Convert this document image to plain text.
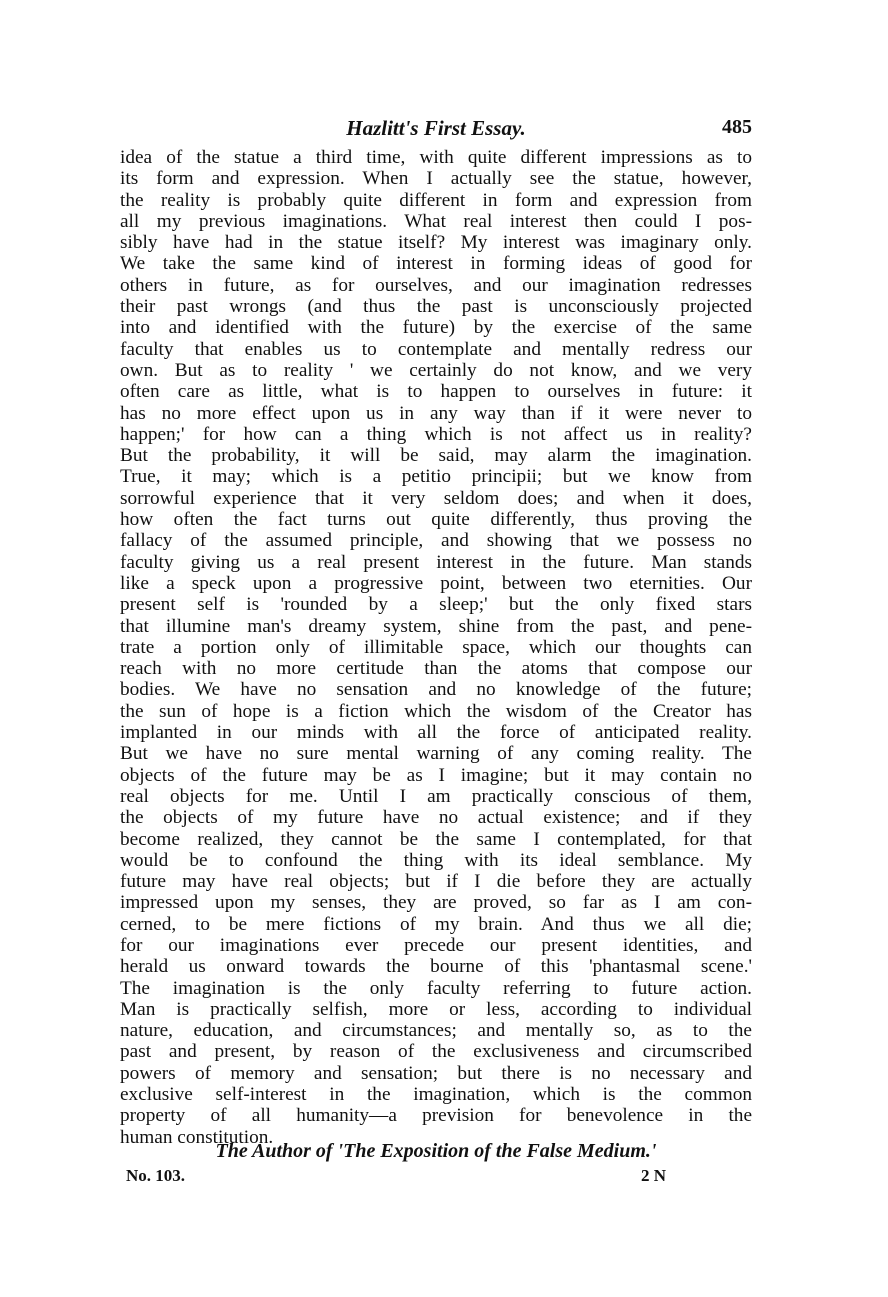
Hazlitt's First Essay.	485
idea of the statue a third time, with quite different impressions as to
its form and expression. When I actually see the statue, however,
the reality is probably quite different in form and expression from
all my previous imaginations. What real interest then could I pos-
sibly have had in the statue itself? My interest was imaginary only.
We take the same kind of interest in forming ideas of good for
others in future, as for ourselves, and our imagination redresses
their past wrongs (and thus the past is unconsciously projected
into and identified with the future) by the exercise of the same
faculty that enables us to contemplate and mentally redress our
own. But as to reality ' we certainly do not know, and we very
often care as little, what is to happen to ourselves in future: it
has no more effect upon us in any way than if it were never to
happen;' for how can a thing which is not affect us in reality?
But the probability, it will be said, may alarm the imagination.
True, it may; which is a petitio principii; but we know from
sorrowful experience that it very seldom does; and when it does,
how often the fact turns out quite differently, thus proving the
fallacy of the assumed principle, and showing that we possess no
faculty giving us a real present interest in the future. Man stands
like a speck upon a progressive point, between two eternities. Our
present self is 'rounded by a sleep;' but the only fixed stars
that illumine man's dreamy system, shine from the past, and pene-
trate a portion only of illimitable space, which our thoughts can
reach with no more certitude than the atoms that compose our
bodies. We have no sensation and no knowledge of the future;
the sun of hope is a fiction which the wisdom of the Creator has
implanted in our minds with all the force of anticipated reality.
But we have no sure mental warning of any coming reality. The
objects of the future may be as I imagine; but it may contain no
real objects for me. Until I am practically conscious of them,
the objects of my future have no actual existence; and if they
become realized, they cannot be the same I contemplated, for that
would be to confound the thing with its ideal semblance. My
future may have real objects; but if I die before they are actually
impressed upon my senses, they are proved, so far as I am con-
cerned, to be mere fictions of my brain. And thus we all die;
for our imaginations ever precede our present identities, and
herald us onward towards the bourne of this 'phantasmal scene.'
The imagination is the only faculty referring to future action.
Man is practically selfish, more or less, according to individual
nature, education, and circumstances; and mentally so, as to the
past and present, by reason of the exclusiveness and circumscribed
powers of memory and sensation; but there is no necessary and
exclusive self-interest in the imagination, which is the common
property of all humanity—a prevision for benevolence in the
human constitution.
The Author of 'The Exposition of the False Medium.'
No. 103.	2 N
